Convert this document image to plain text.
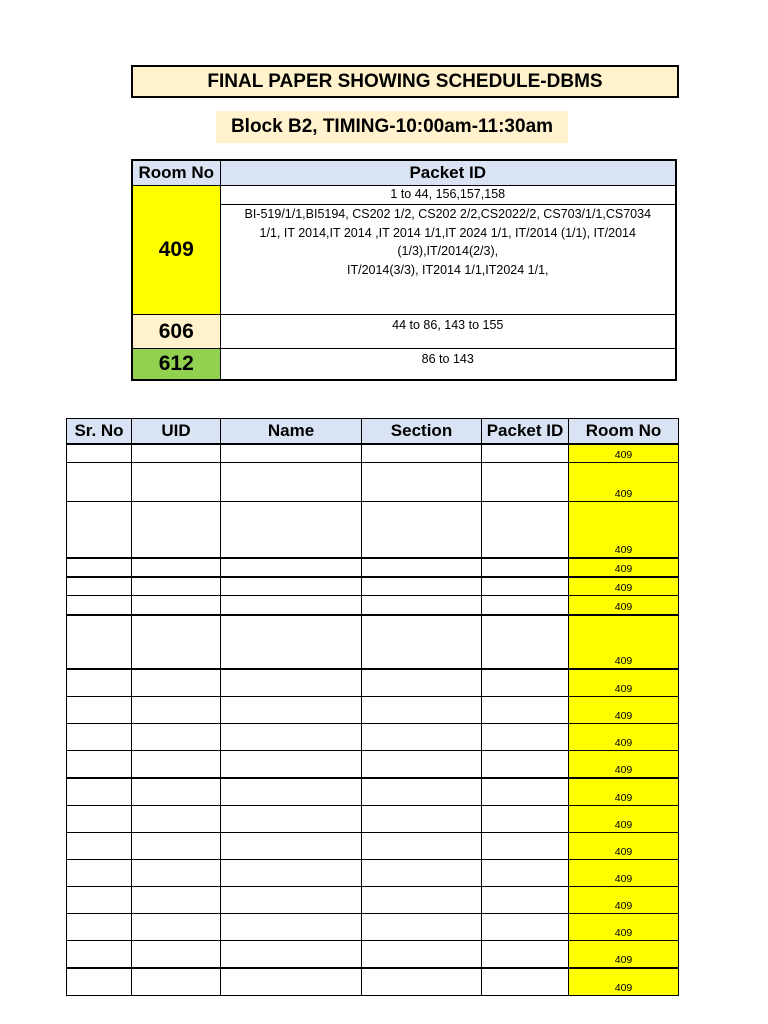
FINAL PAPER SHOWING SCHEDULE-DBMS
Block B2, TIMING-10:00am-11:30am
Room No	Packet ID
409	1 to 44, 156,157,158

	BI-519/1/1,BI5194, CS202 1/2, CS202 2/2,CS2022/2, CS703/1/1,CS7034
1/1, IT 2014,IT 2014 ,IT 2014 1/1,IT 2024 1/1, IT/2014 (1/1), IT/2014
(1/3),IT/2014(2/3),
IT/2014(3/3), IT2014 1/1,IT2024 1/1,

606	44 to 86, 143 to 155
612	86 to 143
Sr. No	UID	Name	Section	Packet ID	Room No
					409
					409
					409
					409
					409
					409
					409
					409
					409
					409
					409
					409
					409
					409
					409
					409
					409
					409
					409
